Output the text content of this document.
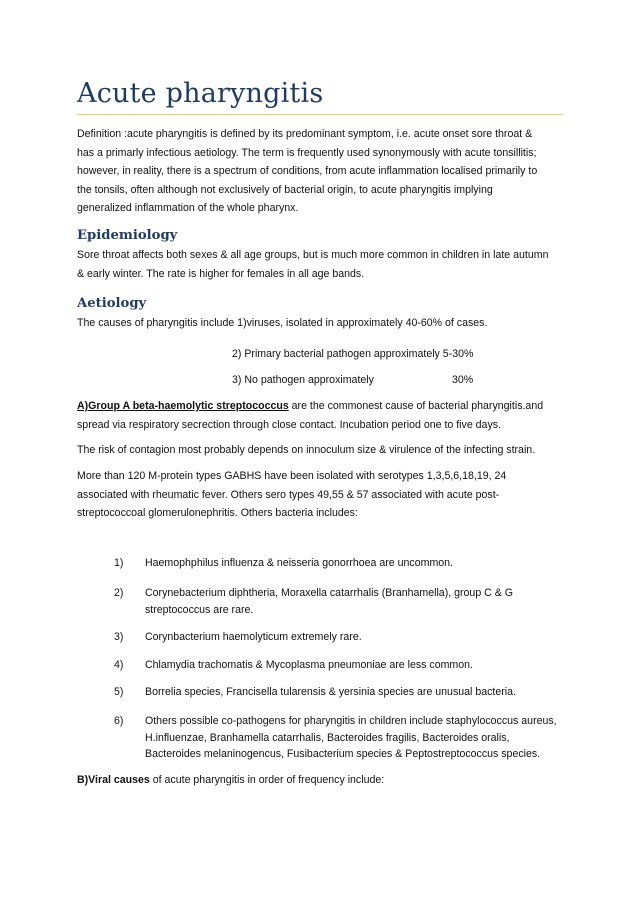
Acute pharyngitis
Definition :acute pharyngitis is defined by its predominant symptom, i.e. acute onset sore throat &
has a primarly infectious aetiology. The term is frequently used synonymously with acute tonsillitis;
however, in reality, there is a spectrum of conditions, from acute inflammation localised primarily to
the tonsils, often although not exclusively of bacterial origin, to acute pharyngitis implying
generalized inflammation of the whole pharynx.
Epidemiology
Sore throat affects both sexes & all age groups, but is much more common in children in late autumn
& early winter. The rate is higher for females in all age bands.
Aetiology
The causes of pharyngitis include 1)viruses, isolated in approximately 40-60% of cases.
2) Primary bacterial pathogen approximately 5-30%
3) No pathogen approximately	30%
A)Group A beta-haemolytic streptococcus are the commonest cause of bacterial pharyngitis.and
spread via respiratory secrection through close contact. Incubation period one to five days.
The risk of contagion most probably depends on innoculum size & virulence of the infecting strain.
More than 120 M-protein types GABHS have been isolated with serotypes 1,3,5,6,18,19, 24
associated with rheumatic fever. Others sero types 49,55 & 57 associated with acute post-
streptococcoal glomerulonephritis. Others bacteria includes:
1) Haemophphilus influenza & neisseria gonorrhoea are uncommon.
2) Corynebacterium diphtheria, Moraxella catarrhalis (Branhamella), group C & G
streptococcus are rare.
3) Corynbacterium haemolyticum extremely rare.
4) Chlamydia trachomatis & Mycoplasma pneumoniae are less common.
5) Borrelia species, Francisella tularensis & yersinia species are unusual bacteria.
6) Others possible co-pathogens for pharyngitis in children include staphylococcus aureus,
H.influenzae, Branhamella catarrhalis, Bacteroides fragilis, Bacteroides oralis,
Bacteroides melaninogencus, Fusibacterium species & Peptostreptococcus species.
B)Viral causes of acute pharyngitis in order of frequency include:
